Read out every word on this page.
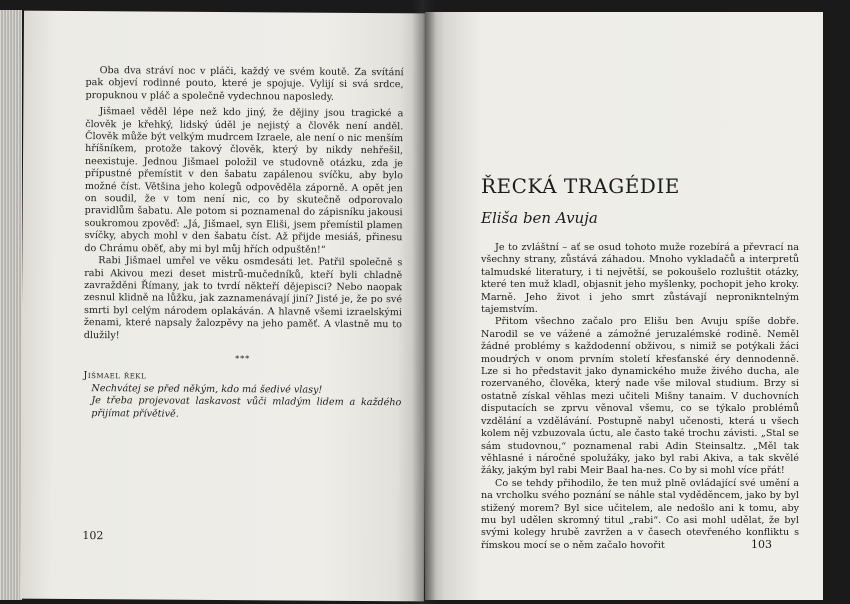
Oba dva stráví noc v pláči, každý ve svém koutě. Za svítání pak objeví rodinné pouto, které je spojuje. Vylijí si svá srdce, propuknou v pláč a společně vydechnou naposledy.

Jišmael věděl lépe než kdo jiný, že dějiny jsou tragické a člověk je křehký, lidský úděl je nejistý a člověk není anděl. Člověk může být velkým mudrcem Izraele, ale není o nic menším hříšníkem, protože takový člověk, který by nikdy nehřešil, neexistuje. Jednou Jišmael položil ve studovně otázku, zda je přípustné přemístit v den šabatu zapálenou svíčku, aby bylo možné číst. Většina jeho kolegů odpověděla záporně. A opět jen on soudil, že v tom není nic, co by skutečně odporovalo pravidlům šabatu. Ale potom si poznamenal do zápisníku jakousi soukromou zpověď: „Já, Jišmael, syn Eliši, jsem přemístil plamen svíčky, abych mohl v den šabatu číst. Až přijde mesiáš, přinesu do Chrámu oběť, aby mi byl můj hřích odpuštěn!“

Rabi Jišmael umřel ve věku osmdesáti let. Patřil společně s rabi Akivou mezi deset mistrů-mučedníků, kteří byli chladně zavražděni Římany, jak to tvrdí někteří dějepisci? Nebo naopak zesnul klidně na lůžku, jak zaznamenávají jiní? Jisté je, že po své smrti byl celým národem oplakáván. A hlavně všemi izraelskými ženami, které napsaly žalozpěvy na jeho paměť. A vlastně mu to dlužily!

***

Jišmael řekl

Nechvátej se před někým, kdo má šedivé vlasy!

Je třeba projevovat laskavost vůči mladým lidem a každého přijímat přívětivě.

102
ŘECKÁ TRAGÉDIE
Eliša ben Avuja

Je to zvláštní – ať se osud tohoto muže rozebírá a převrací na všechny strany, zůstává záhadou. Mnoho vykladačů a interpretů talmudské literatury, i ti největší, se pokoušelo rozluštit otázky, které ten muž kladl, objasnit jeho myšlenky, pochopit jeho kroky. Marně. Jeho život i jeho smrt zůstávají nepronikntelným tajemstvím.

Přitom všechno začalo pro Elišu ben Avuju spíše dobře. Narodil se ve vážené a zámožné jeruzalémské rodině. Neměl žádné problémy s každodenní obživou, s nimiž se potýkali žáci moudrých v onom prvním století křesťanské éry dennodenně. Lze si ho představit jako dynamického muže živého ducha, ale rozervaného, člověka, který nade vše miloval studium. Brzy si ostatně získal věhlas mezi učiteli Mišny tanaim. V duchovních disputacích se zprvu věnoval všemu, co se týkalo problémů vzdělání a vzdělávání. Postupně nabyl učenosti, která u všech kolem něj vzbuzovala úctu, ale často také trochu závisti. „Stal se sám studovnou,“ poznamenal rabi Adin Steinsaltz. „Měl tak věhlasné i náročné spolužáky, jako byl rabi Akiva, a tak skvělé žáky, jakým byl rabi Meir Baal ha-nes. Co by si mohl více přát!

Co se tehdy přihodilo, že ten muž plně ovládající své umění a na vrcholku svého poznání se náhle stal vyděděncem, jako by byl stižený morem? Byl sice učitelem, ale nedošlo ani k tomu, aby mu byl udělen skromný titul „rabi“. Co asi mohl udělat, že byl svými kolegy hrubě zavržen a v časech otevřeného konfliktu s římskou mocí se o něm začalo hovořit	103
